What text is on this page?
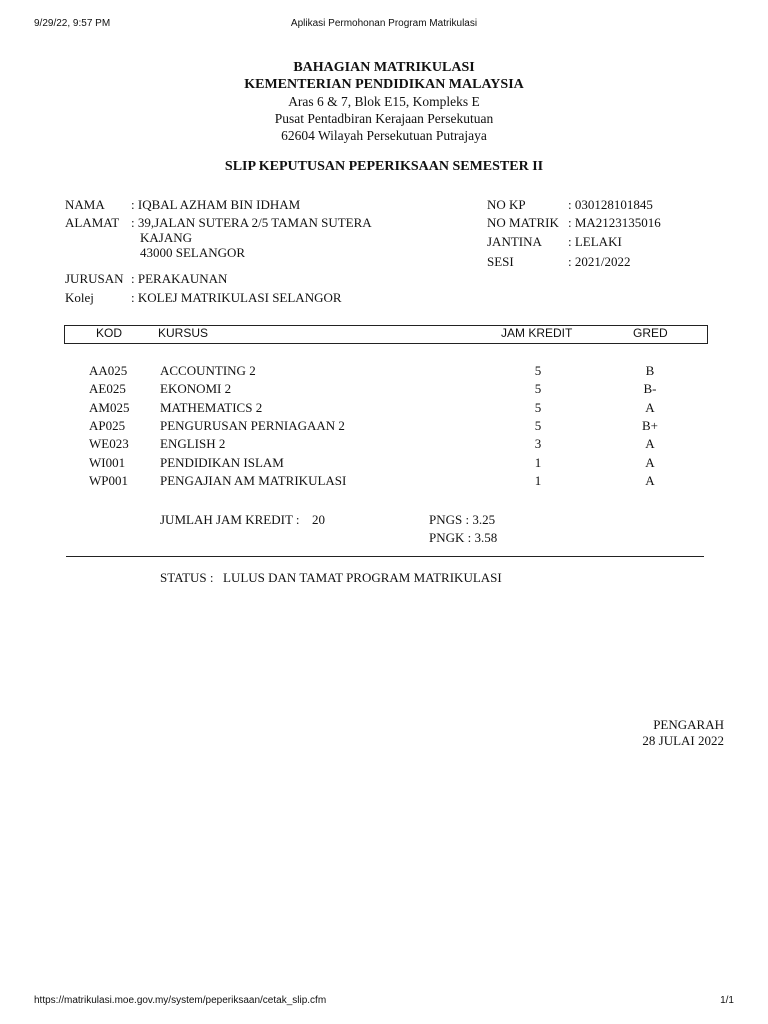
9/29/22, 9:57 PM	Aplikasi Permohonan Program Matrikulasi
BAHAGIAN MATRIKULASI
KEMENTERIAN PENDIDIKAN MALAYSIA
Aras 6 & 7, Blok E15, Kompleks E
Pusat Pentadbiran Kerajaan Persekutuan
62604 Wilayah Persekutuan Putrajaya
SLIP KEPUTUSAN PEPERIKSAAN SEMESTER II
NAMA : IQBAL AZHAM BIN IDHAM
ALAMAT : 39,JALAN SUTERA 2/5 TAMAN SUTERA
KAJANG
43000 SELANGOR
JURUSAN : PERAKAUNAN
Kolej	: KOLEJ MATRIKULASI SELANGOR
NO KP	: 030128101845
NO MATRIK : MA2123135016
JANTINA : LELAKI
SESI	: 2021/2022
KOD	KURSUS	JAM KREDIT	GRED
AA025	ACCOUNTING 2	5	B
AE025	EKONOMI 2	5	B-
AM025 MATHEMATICS 2	5	A
AP025	PENGURUSAN PERNIAGAAN 2	5	B+
WE023 ENGLISH 2	3	A
WI001	PENDIDIKAN ISLAM	1	A
WP001 PENGAJIAN AM MATRIKULASI	1	A
JUMLAH JAM KREDIT : 20	PNGS : 3.25
PNGK : 3.58
STATUS : LULUS DAN TAMAT PROGRAM MATRIKULASI
PENGARAH
28 JULAI 2022
https://matrikulasi.moe.gov.my/system/peperiksaan/cetak_slip.cfm	1/1
